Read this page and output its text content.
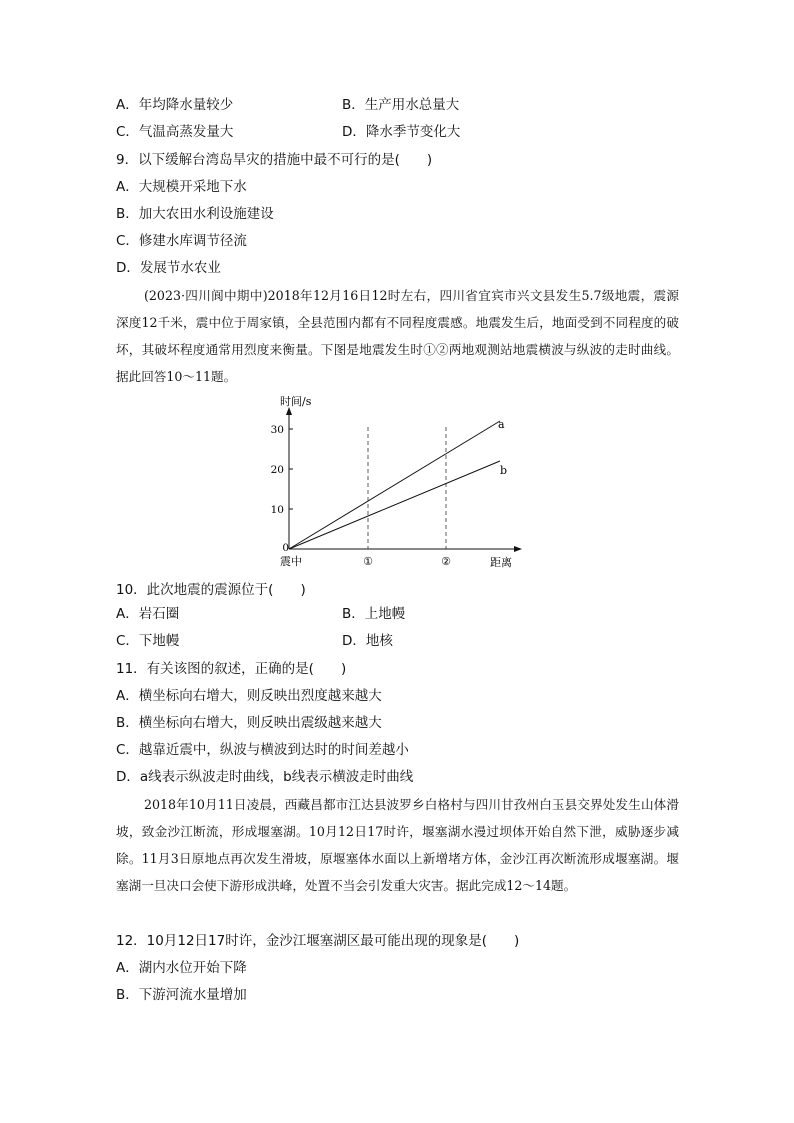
A．年均降水量较少	B．生产用水总量大
C．气温高蒸发量大	D．降水季节变化大
9．以下缓解台湾岛旱灾的措施中最不可行的是(　　)
A．大规模开采地下水
B．加大农田水利设施建设
C．修建水库调节径流
D．发展节水农业
(2023·四川阆中期中)2018年12月16日12时左右，四川省宜宾市兴文县发生5.7级地震，震源深度12千米，震中位于周家镇，全县范围内都有不同程度震感。地震发生后，地面受到不同程度的破坏，其破坏程度通常用烈度来衡量。下图是地震发生时①②两地观测站地震横波与纵波的走时曲线。据此回答10～11题。
时间/s
30
20
10
0
震中	①	②	距离
a
b
10．此次地震的震源位于(　　)
A．岩石圈	B．上地幔
C．下地幔	D．地核
11．有关该图的叙述，正确的是(　　)
A．横坐标向右增大，则反映出烈度越来越大
B．横坐标向右增大，则反映出震级越来越大
C．越靠近震中，纵波与横波到达时的时间差越小
D．a线表示纵波走时曲线，b线表示横波走时曲线
2018年10月11日凌晨，西藏昌都市江达县波罗乡白格村与四川甘孜州白玉县交界处发生山体滑坡，致金沙江断流，形成堰塞湖。10月12日17时许，堰塞湖水漫过坝体开始自然下泄，威胁逐步减除。11月3日原地点再次发生滑坡，原堰塞体水面以上新增堵方体，金沙江再次断流形成堰塞湖。堰塞湖一旦决口会使下游形成洪峰，处置不当会引发重大灾害。据此完成12～14题。
12．10月12日17时许，金沙江堰塞湖区最可能出现的现象是(　　)
A．湖内水位开始下降
B．下游河流水量增加
